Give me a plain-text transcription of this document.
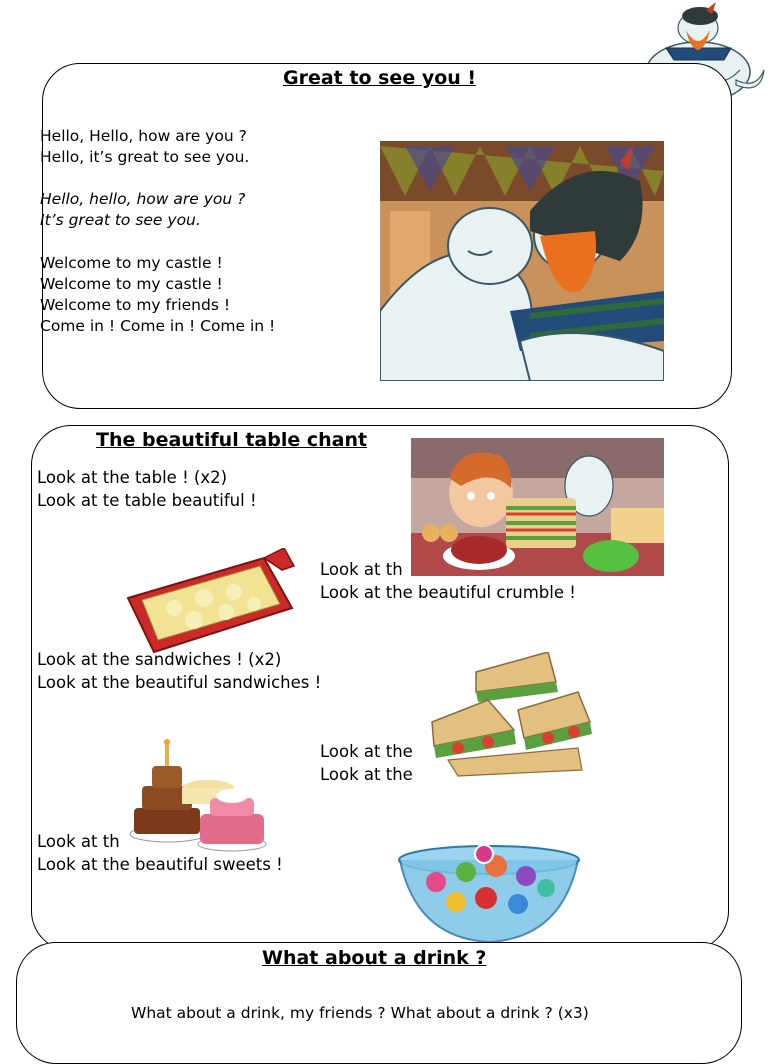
Great to see you !
Hello, Hello, how are you ?
Hello, it’s great to see you.
Hello, hello, how are you ?
It’s great to see you.
Welcome to my castle !
Welcome to my castle !
Welcome to my friends !
Come in ! Come in ! Come in !
The beautiful table chant
Look at the table ! (x2)
Look at te table beautiful !
Look at th
Look at the beautiful crumble !
Look at the sandwiches ! (x2)
Look at the beautiful sandwiches !
Look at the
Look at the
Look at th
Look at the beautiful sweets !
What about a drink ?
What about a drink, my friends ? What about a drink ? (x3)
